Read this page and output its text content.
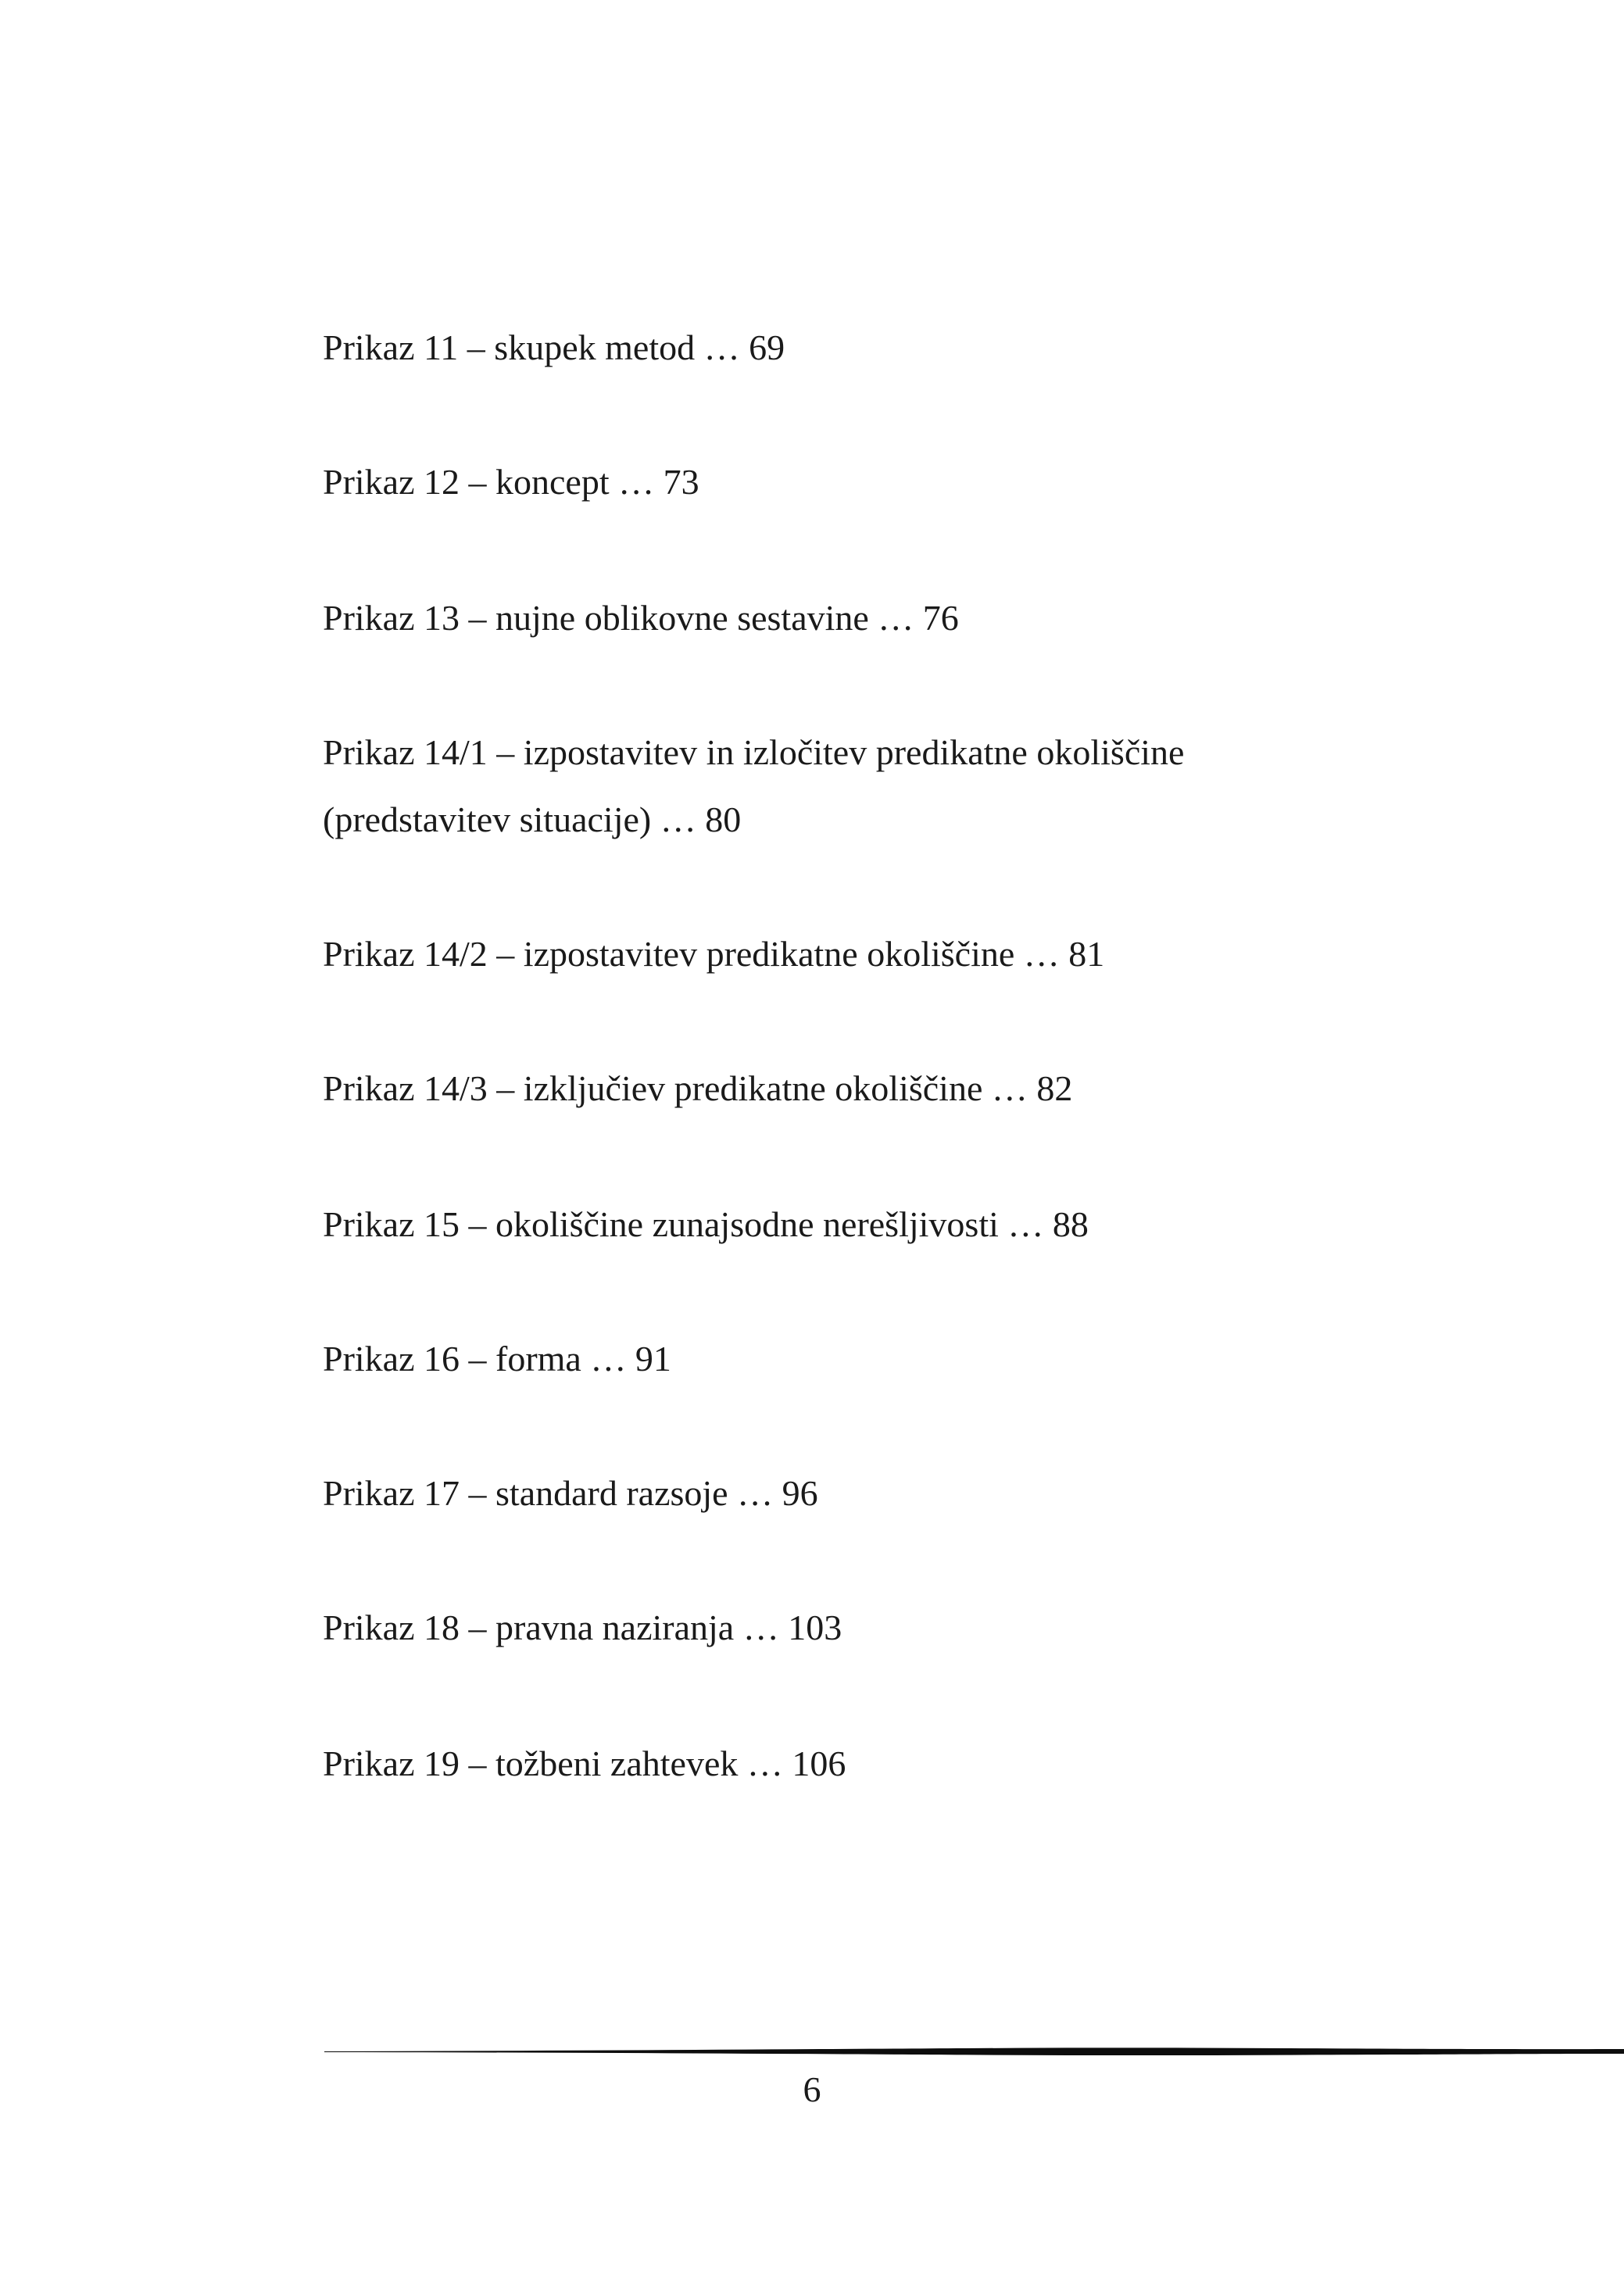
Prikaz 11 – skupek metod … 69
Prikaz 12 – koncept … 73
Prikaz 13 – nujne oblikovne sestavine … 76
Prikaz 14/1 – izpostavitev in izločitev predikatne okoliščine
(predstavitev situacije) … 80
Prikaz 14/2 – izpostavitev predikatne okoliščine … 81
Prikaz 14/3 – izključiev predikatne okoliščine … 82
Prikaz 15 – okoliščine zunajsodne nerešljivosti … 88
Prikaz 16 – forma … 91
Prikaz 17 – standard razsoje … 96
Prikaz 18 – pravna naziranja … 103
Prikaz 19 – tožbeni zahtevek … 106
6
